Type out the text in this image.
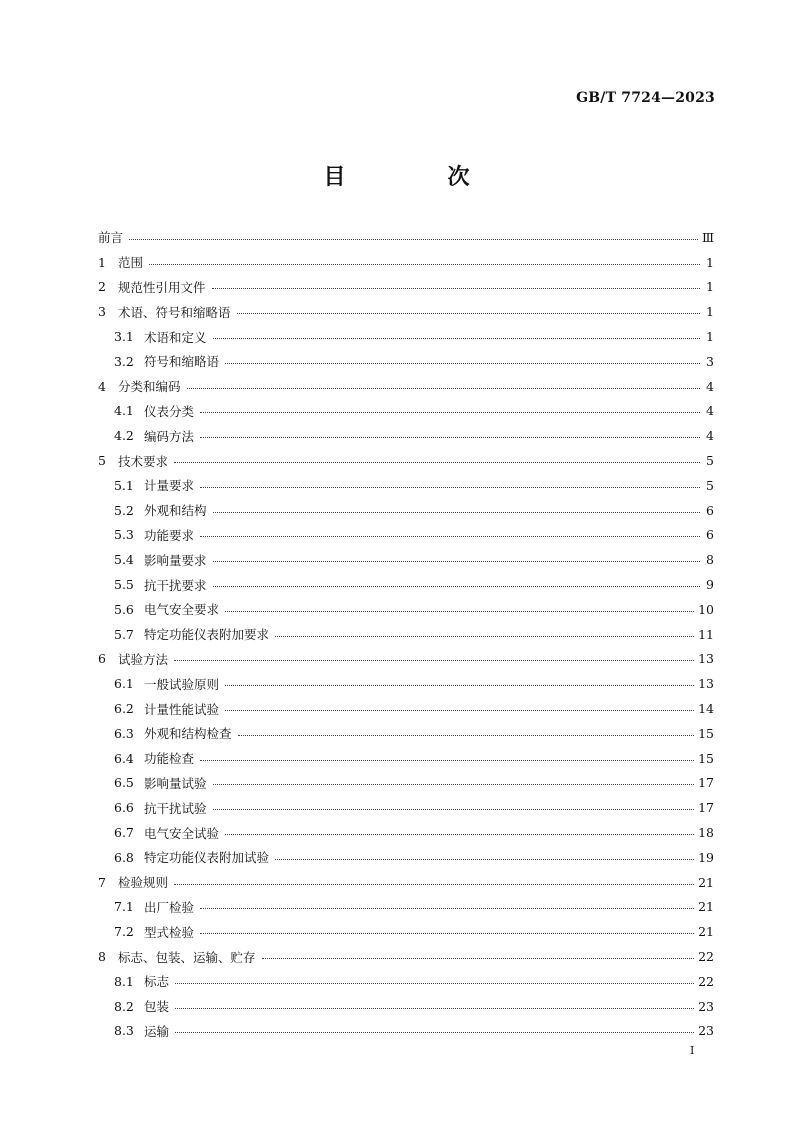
GB/T 7724—2023
目　次
前言	Ⅲ
1 范围	1
2 规范性引用文件	1
3 术语、符号和缩略语	1
3.1 术语和定义	1
3.2 符号和缩略语	3
4 分类和编码	4
4.1 仪表分类	4
4.2 编码方法	4
5 技术要求	5
5.1 计量要求	5
5.2 外观和结构	6
5.3 功能要求	6
5.4 影响量要求	8
5.5 抗干扰要求	9
5.6 电气安全要求	10
5.7 特定功能仪表附加要求	11
6 试验方法	13
6.1 一般试验原则	13
6.2 计量性能试验	14
6.3 外观和结构检查	15
6.4 功能检查	15
6.5 影响量试验	17
6.6 抗干扰试验	17
6.7 电气安全试验	18
6.8 特定功能仪表附加试验	19
7 检验规则	21
7.1 出厂检验	21
7.2 型式检验	21
8 标志、包装、运输、贮存	22
8.1 标志	22
8.2 包装	23
8.3 运输	23
I
